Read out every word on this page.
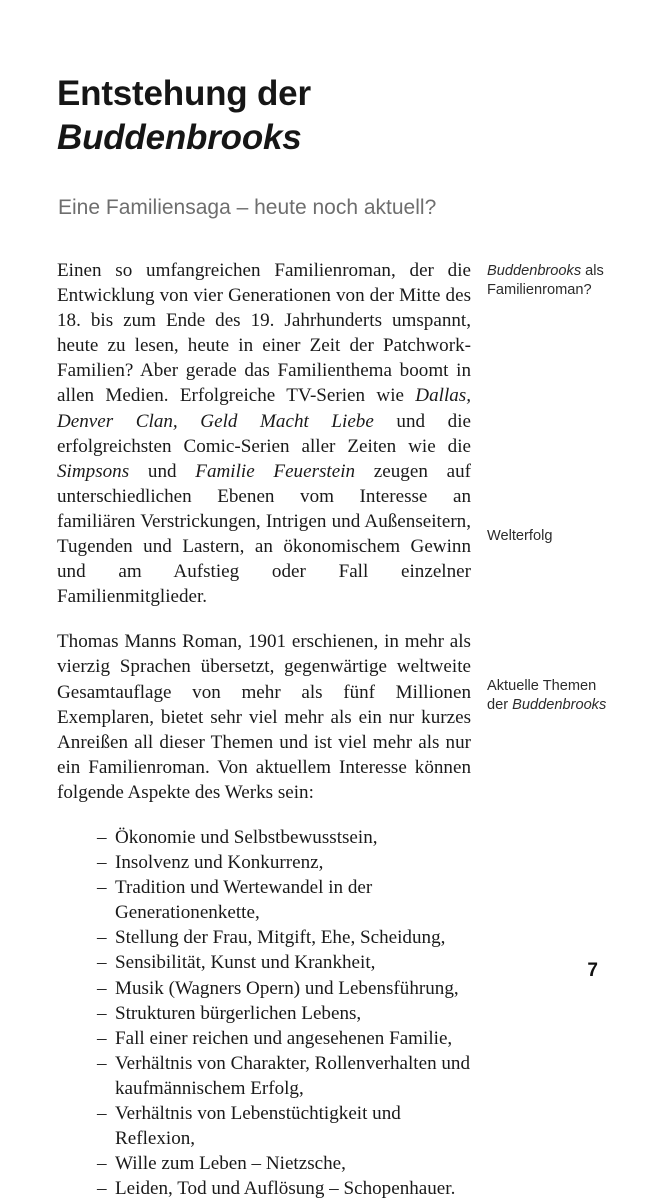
Entstehung der
Buddenbrooks
Eine Familiensaga – heute noch aktuell?

Einen so umfangreichen Familienroman, der die Entwicklung von vier Generationen von der Mitte des 18. bis zum Ende des 19. Jahrhunderts umspannt, heute zu lesen, heute in einer Zeit der Patchwork-Familien? Aber gerade das Familienthema boomt in allen Medien. Erfolgreiche TV-Serien wie Dallas, Denver Clan, Geld Macht Liebe und die erfolgreichsten Comic-Serien aller Zeiten wie die Simpsons und Familie Feuerstein zeugen auf unterschiedlichen Ebenen vom Interesse an familiären Verstrickungen, Intrigen und Außenseitern, Tugenden und Lastern, an ökonomischem Gewinn und am Aufstieg oder Fall einzelner Familienmitglieder.

Thomas Manns Roman, 1901 erschienen, in mehr als vierzig Sprachen übersetzt, gegenwärtige weltweite Gesamtauflage von mehr als fünf Millionen Exemplaren, bietet sehr viel mehr als ein nur kurzes Anreißen all dieser Themen und ist viel mehr als nur ein Familienroman. Von aktuellem Interesse können folgende Aspekte des Werks sein:

– Ökonomie und Selbstbewusstsein,
– Insolvenz und Konkurrenz,
– Tradition und Wertewandel in der Generationenkette,
– Stellung der Frau, Mitgift, Ehe, Scheidung,
– Sensibilität, Kunst und Krankheit,
– Musik (Wagners Opern) und Lebensführung,
– Strukturen bürgerlichen Lebens,
– Fall einer reichen und angesehenen Familie,
– Verhältnis von Charakter, Rollenverhalten und kaufmännischem Erfolg,
– Verhältnis von Lebenstüchtigkeit und Reflexion,
– Wille zum Leben – Nietzsche,
– Leiden, Tod und Auflösung – Schopenhauer.
Buddenbrooks als Familienroman?
Welterfolg
Aktuelle Themen der Buddenbrooks
7
